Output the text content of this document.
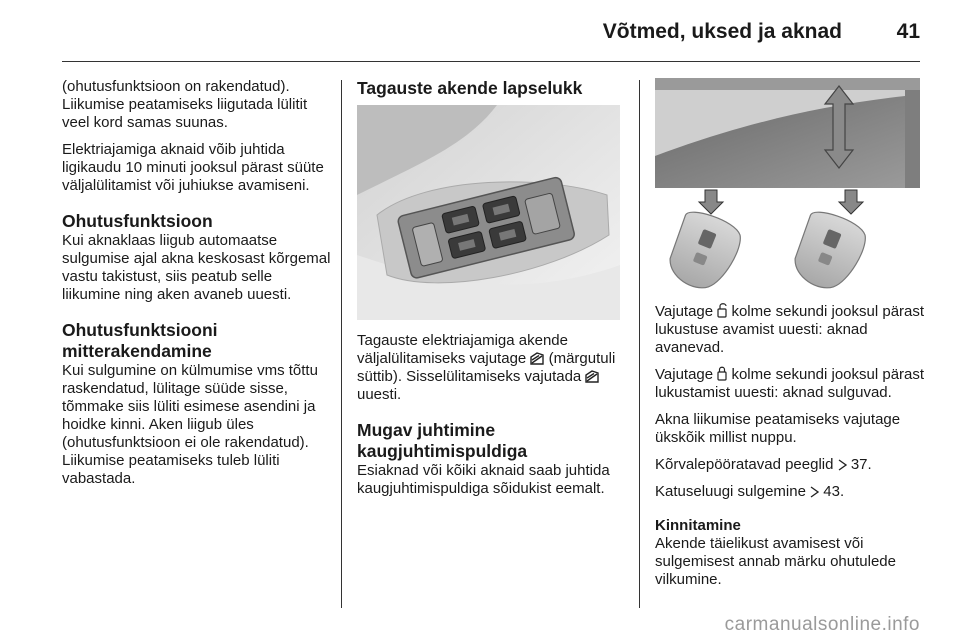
Võtmed, uksed ja aknad	41

(ohutusfunktsioon on rakendatud). Liikumise peatamiseks liigutada lülitit veel kord samas suunas.

Elektriajamiga aknaid võib juhtida ligikaudu 10 minuti jooksul pärast süüte väljalülitamist või juhiukse avamiseni.

Ohutusfunktsioon

Kui aknaklaas liigub automaatse sulgumise ajal akna keskosast kõrgemal vastu takistust, siis peatub selle liikumine ning aken avaneb uuesti.

Ohutusfunktsiooni mitterakendamine

Kui sulgumine on külmumise vms tõttu raskendatud, lülitage süüde sisse, tõmmake siis lüliti esimese asendini ja hoidke kinni. Aken liigub üles (ohutusfunktsioon ei ole rakendatud). Liikumise peatamiseks tuleb lüliti vabastada.

Tagauste akende lapselukk

Tagauste elektriajamiga akende väljalülitamiseks vajutage (märgutuli süttib). Sisselülitamiseks vajutada  uuesti.

Mugav juhtimine kaugjuhtimispuldiga

Esiaknad või kõiki aknaid saab juhtida kaugjuhtimispuldiga sõidukist eemalt.

Vajutage kolme sekundi jooksul pärast lukustuse avamist uuesti: aknad avanevad.

Vajutage kolme sekundi jooksul pärast lukustamist uuesti: aknad sulguvad.

Akna liikumise peatamiseks vajutage ükskõik millist nuppu.

Kõrvalepööratavad peeglid 37.

Katuseluugi sulgemine 43.

Kinnitamine

Akende täielikust avamisest või sulgemisest annab märku ohutulede vilkumine.

carmanualsonline.info
